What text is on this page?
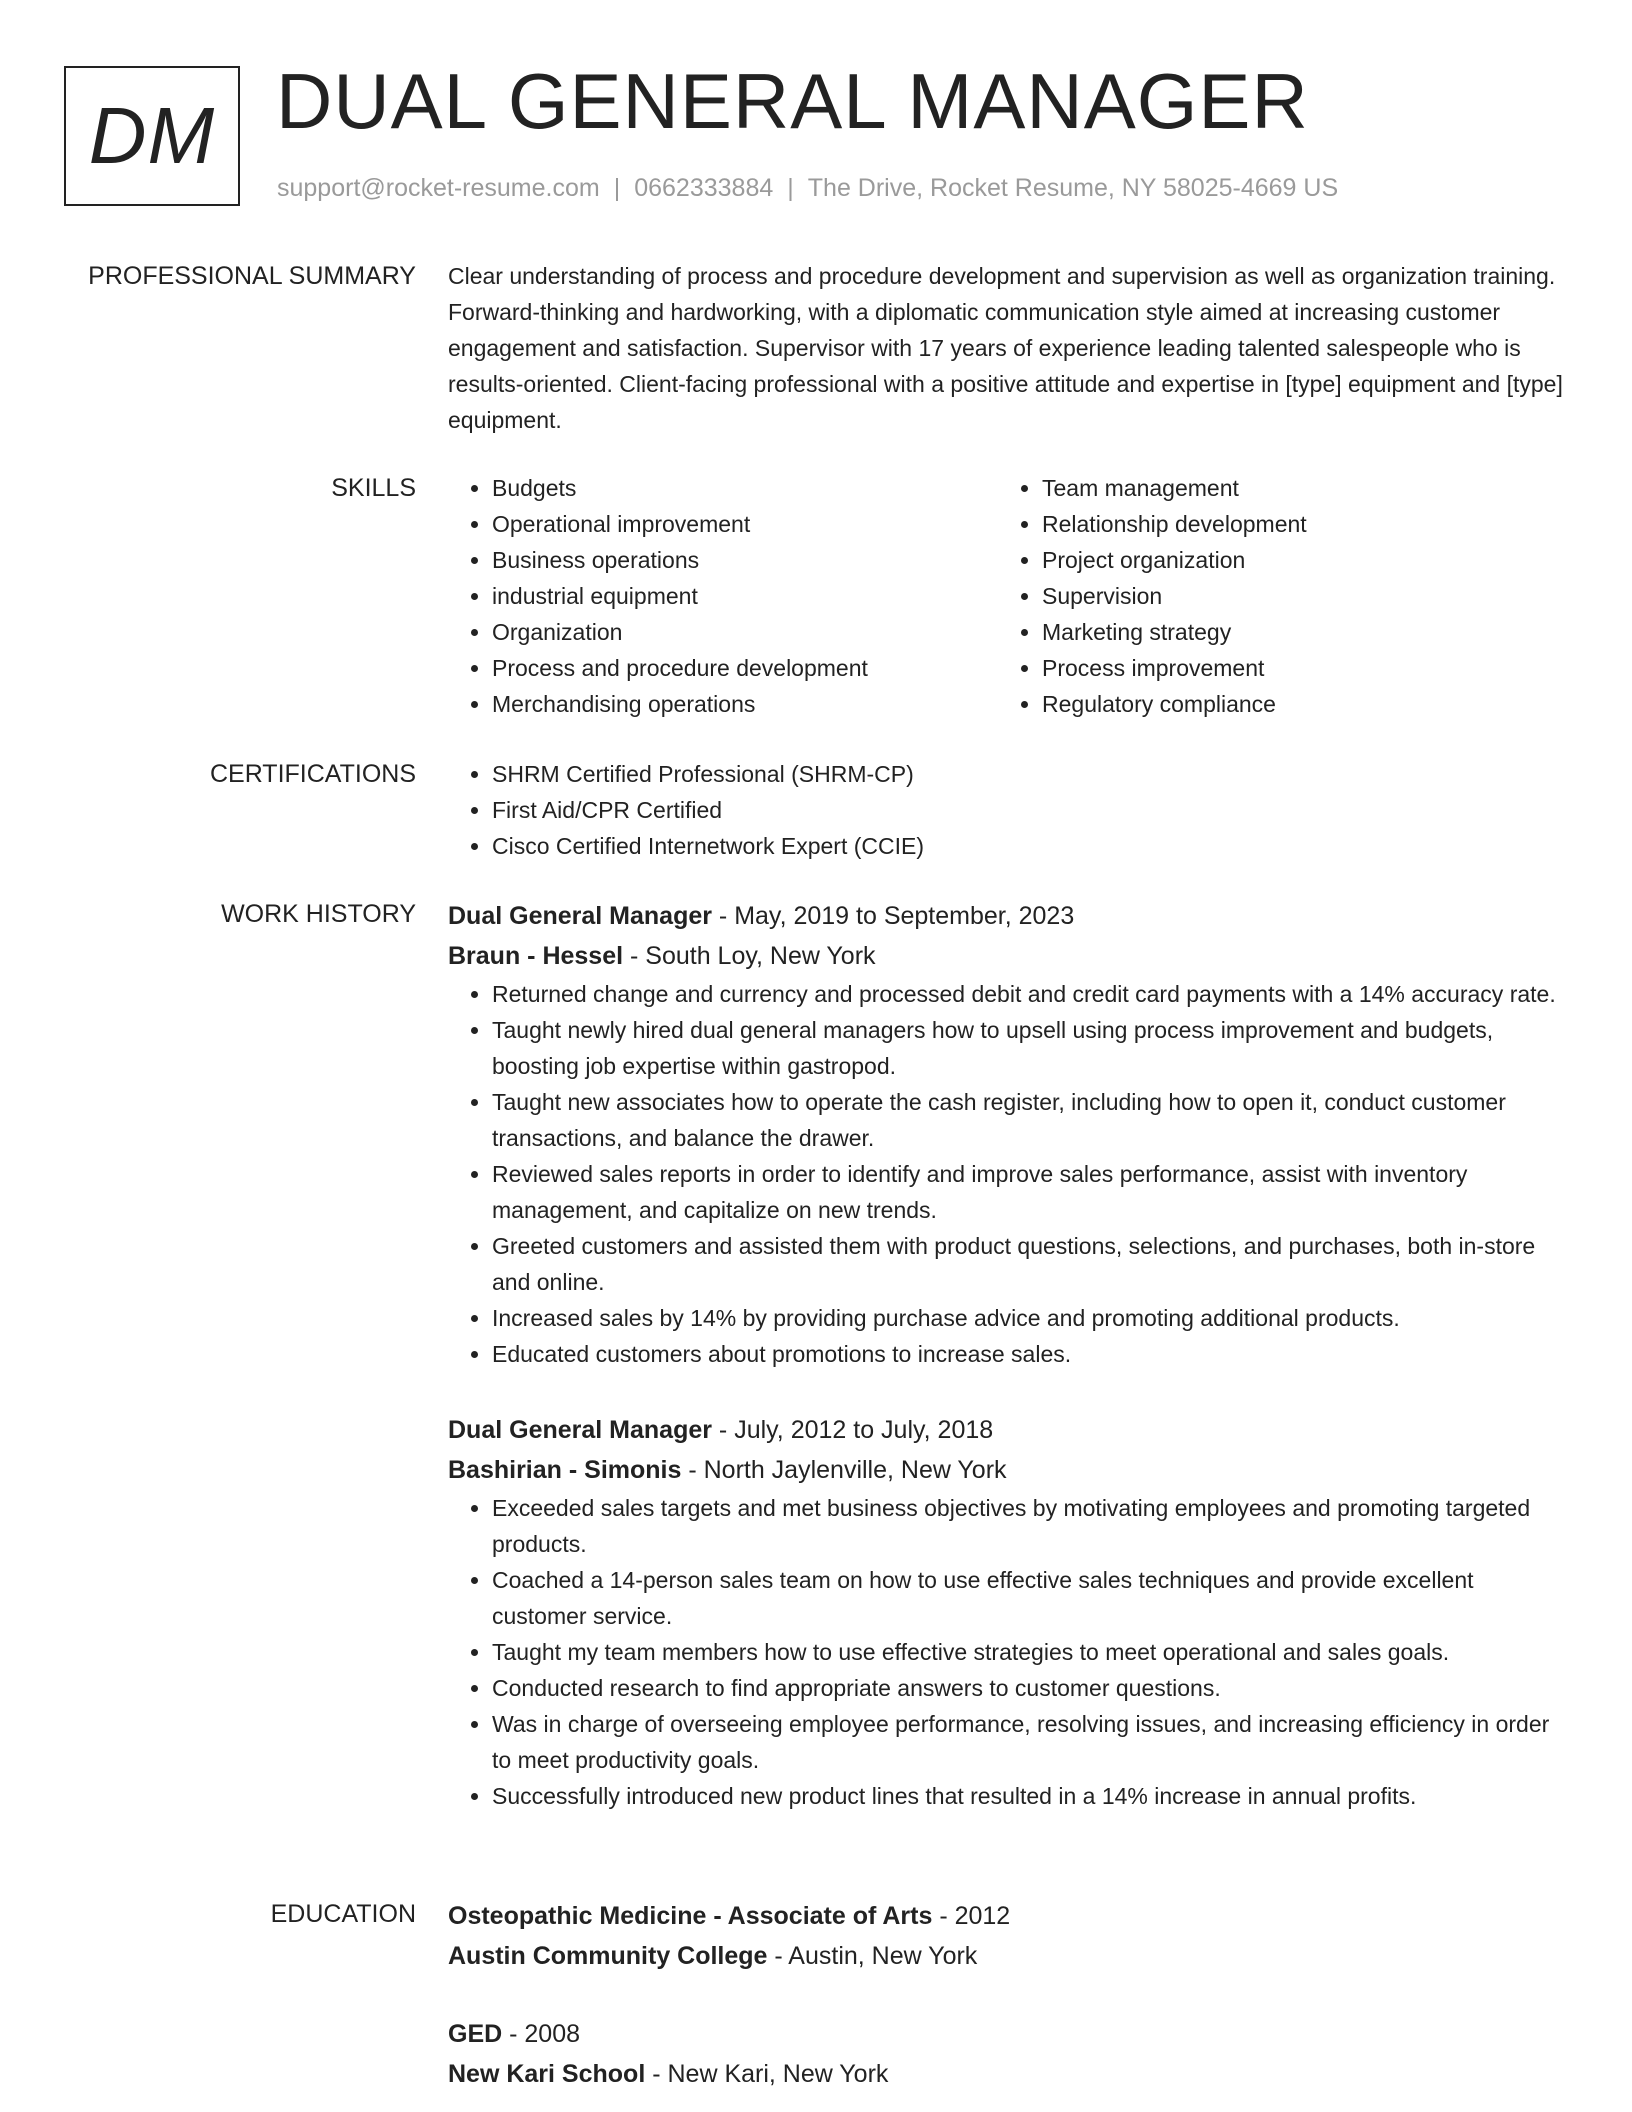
DM DUAL GENERAL MANAGER
support@rocket-resume.com | 0662333884 | The Drive, Rocket Resume, NY 58025-4669 US
PROFESSIONAL SUMMARY Clear understanding of process and procedure development and supervision as well as organization training. Forward-thinking and hardworking, with a diplomatic communication style aimed at increasing customer engagement and satisfaction. Supervisor with 17 years of experience leading talented salespeople who is results-oriented. Client-facing professional with a positive attitude and expertise in [type] equipment and [type] equipment.

SKILLS	• Budgets
• Operational improvement
• Business operations
• industrial equipment
• Organization
• Process and procedure development
• Merchandising operations
• Team management
• Relationship development
• Project organization
• Supervision
• Marketing strategy
• Process improvement
• Regulatory compliance
CERTIFICATIONS	• SHRM Certified Professional (SHRM-CP)
• First Aid/CPR Certified
• Cisco Certified Internetwork Expert (CCIE)
WORK HISTORY Dual General Manager - May, 2019 to September, 2023
Braun - Hessel - South Loy, New York
• Returned change and currency and processed debit and credit card payments with a 14% accuracy rate.
• Taught newly hired dual general managers how to upsell using process improvement and budgets, boosting job expertise within gastropod.
• Taught new associates how to operate the cash register, including how to open it, conduct customer transactions, and balance the drawer.
• Reviewed sales reports in order to identify and improve sales performance, assist with inventory management, and capitalize on new trends.
• Greeted customers and assisted them with product questions, selections, and purchases, both in-store and online.
• Increased sales by 14% by providing purchase advice and promoting additional products.
• Educated customers about promotions to increase sales.
Dual General Manager - July, 2012 to July, 2018
Bashirian - Simonis - North Jaylenville, New York
• Exceeded sales targets and met business objectives by motivating employees and promoting targeted products.
• Coached a 14-person sales team on how to use effective sales techniques and provide excellent customer service.
• Taught my team members how to use effective strategies to meet operational and sales goals.
• Conducted research to find appropriate answers to customer questions.
• Was in charge of overseeing employee performance, resolving issues, and increasing efficiency in order to meet productivity goals.
• Successfully introduced new product lines that resulted in a 14% increase in annual profits.
EDUCATION Osteopathic Medicine - Associate of Arts - 2012
Austin Community College - Austin, New York
GED - 2008
New Kari School - New Kari, New York
